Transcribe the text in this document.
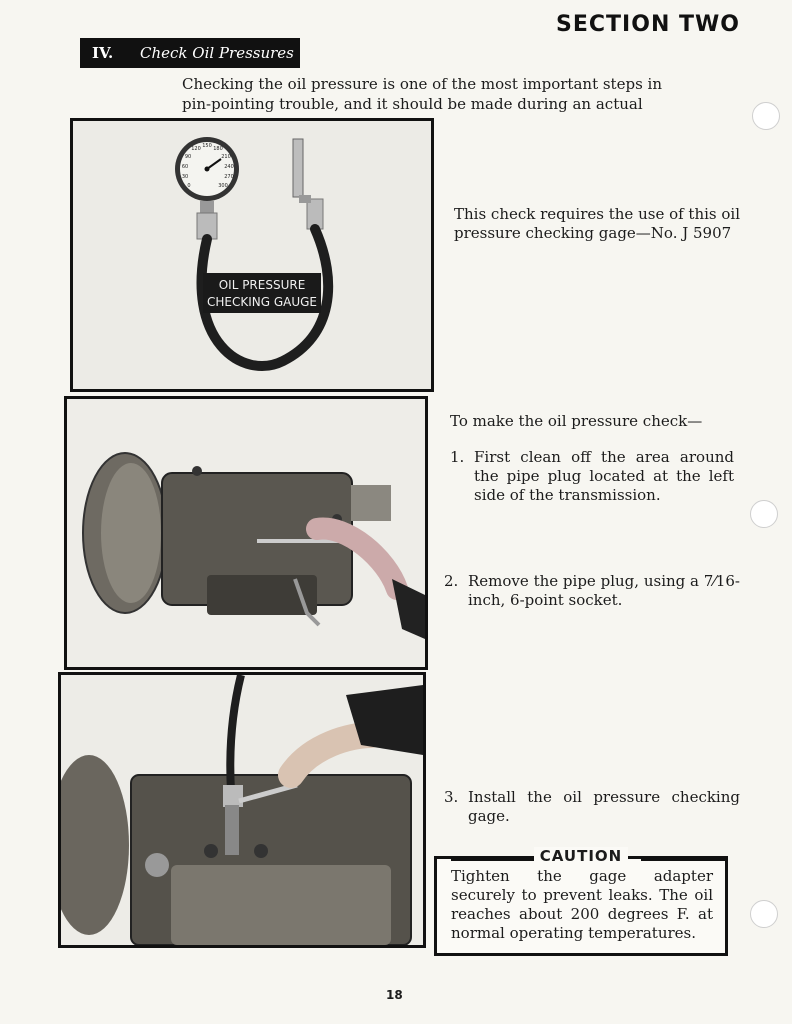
SECTION TWO
IV.	Check Oil Pressures

Checking the oil pressure is one of the most important steps in pin-pointing trouble, and it should be made during an actual

0
30
60
90
120 150 180
210
240
270
300
OIL PRESSURE
CHECKING GAUGE

This check requires the use of this oil pressure checking gage—No. J 5907

To make the oil pressure check—

1. First clean off the area around the pipe plug located at the left side of the transmission.
2. Remove the pipe plug, using a 7⁄16-inch, 6-point socket.
3. Install the oil pressure checking gage.
CAUTION

Tighten the gage adapter securely to prevent leaks. The oil reaches about 200 degrees F. at normal operating temperatures.

18
